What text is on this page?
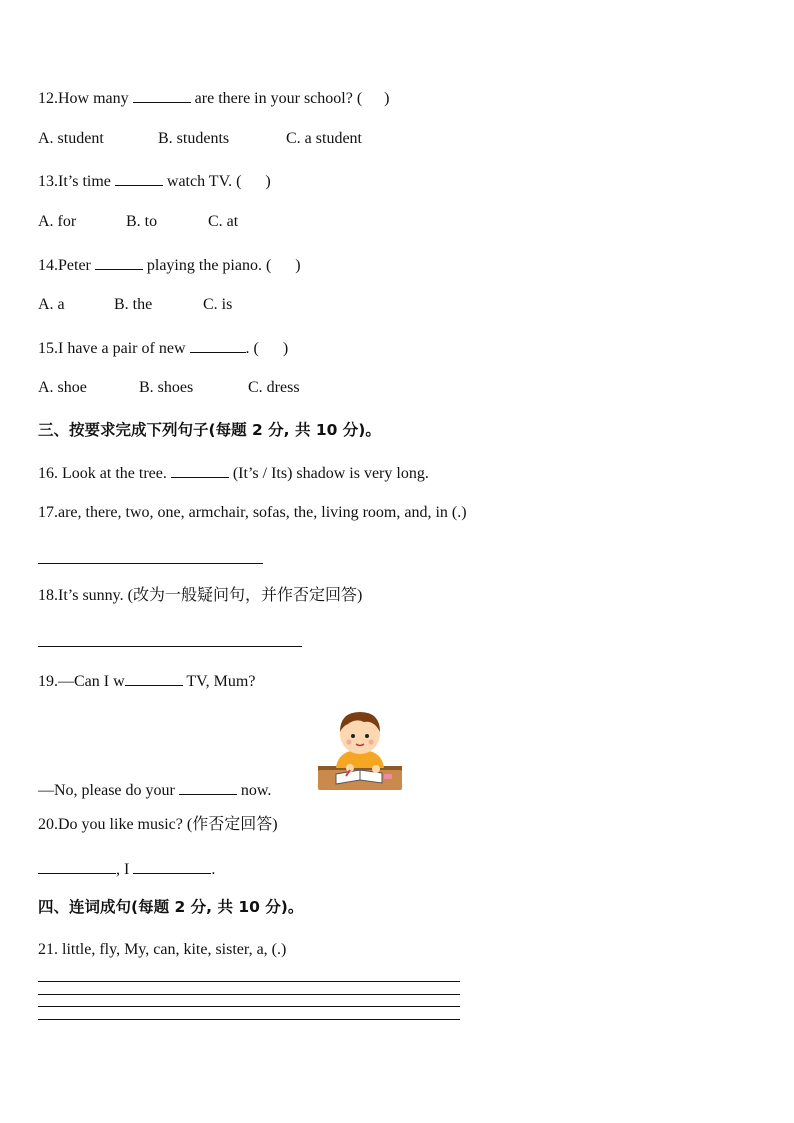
12.How many	are there in your school? ( )
A. student	B. students	C. a student
13.It’s time	watch TV. ( )
A. for	B. to	C. at
14.Peter	playing the piano. ( )
A. a	B. the	C. is
15.I have a pair of new	. ( )
A. shoe	B. shoes	C. dress
三、按要求完成下列句子(每题 2 分, 共 10 分)。
16. Look at the tree.	(It’s / Its) shadow is very long.
17.are, there, two, one, armchair, sofas, the, living room, and, in (.)
18.It’s sunny. (改为一般疑问句，并作否定回答)
19.—Can I w	TV, Mum?
—No, please do your	now.
20.Do you like music? (作否定回答)
, I	.
四、连词成句(每题 2 分, 共 10 分)。
21. little, fly, My, can, kite, sister, a, (.)
